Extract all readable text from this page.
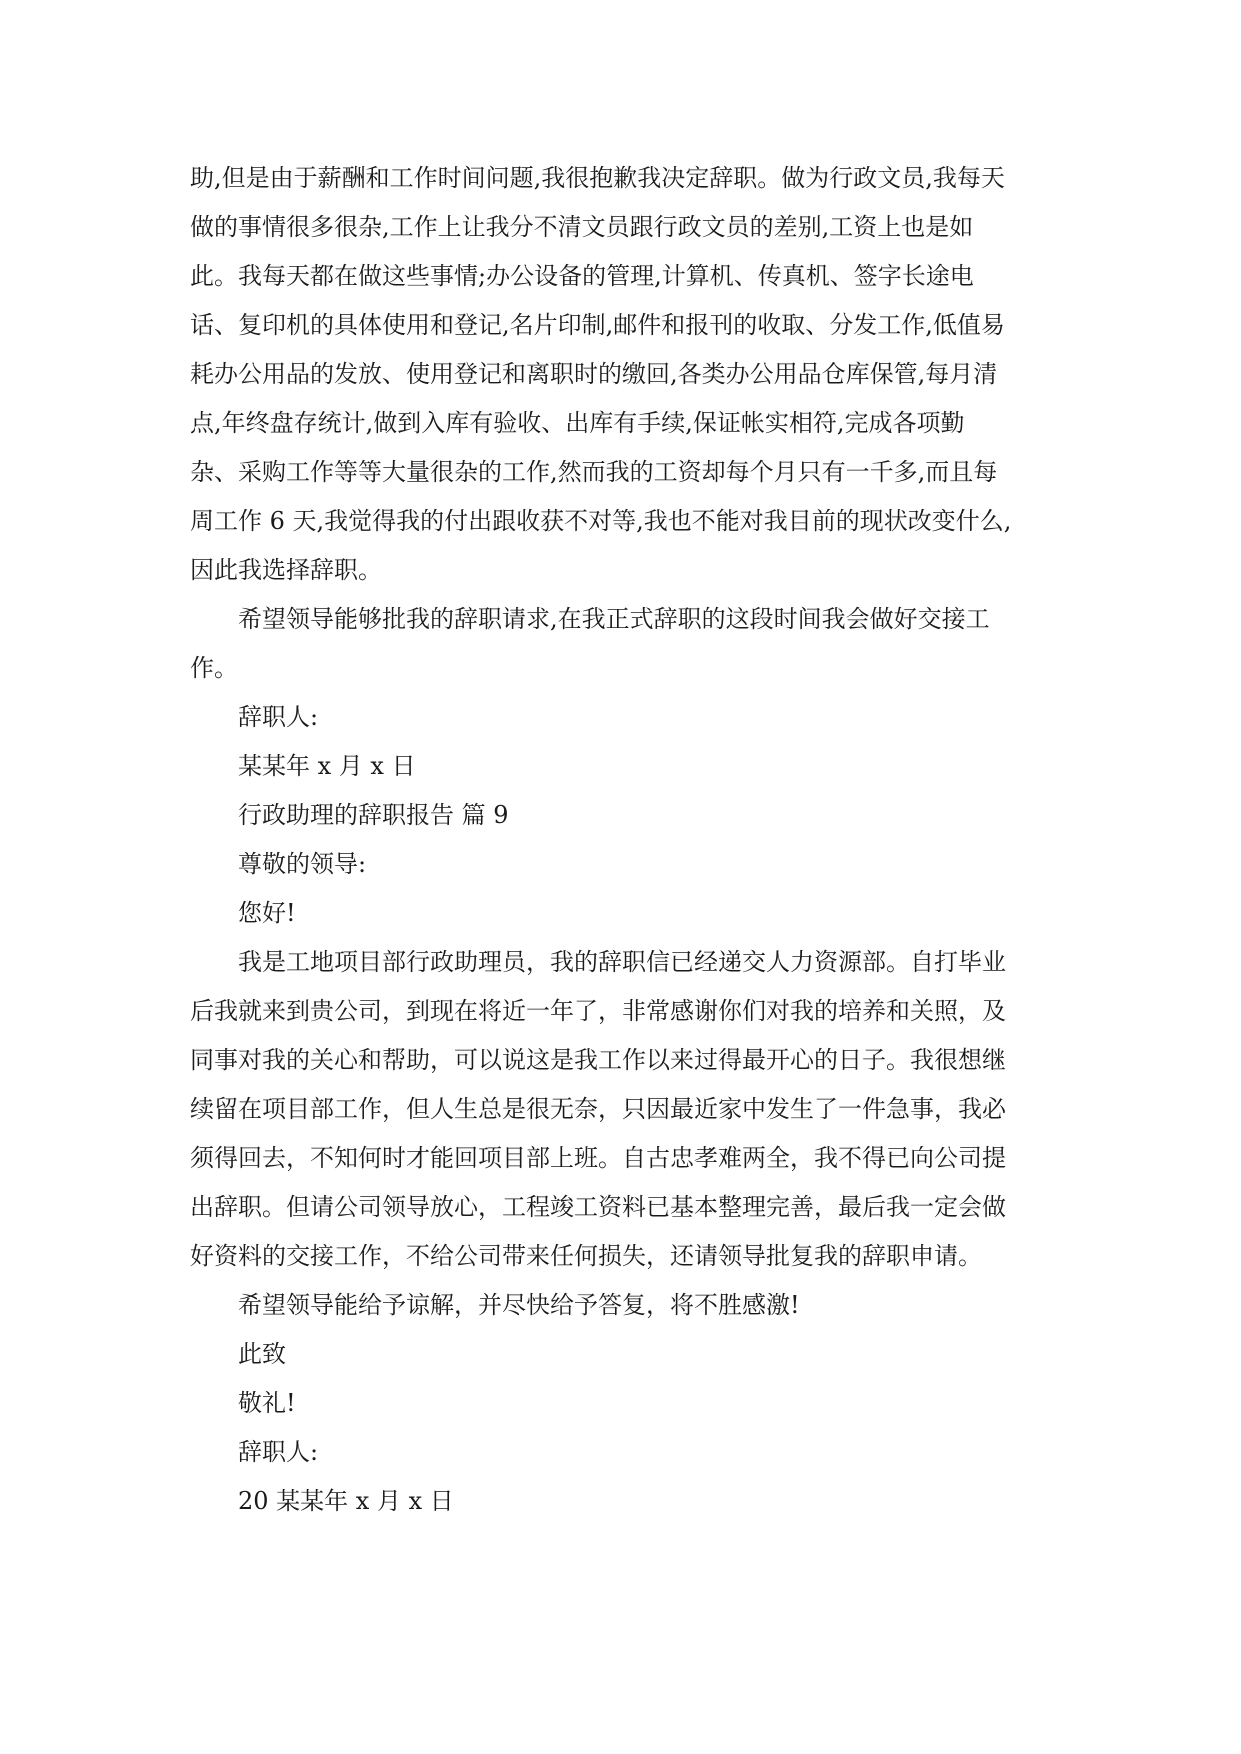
助,但是由于薪酬和工作时间问题,我很抱歉我决定辞职。做为行政文员,我每天
做的事情很多很杂,工作上让我分不清文员跟行政文员的差别,工资上也是如
此。我每天都在做这些事情;办公设备的管理,计算机、传真机、签字长途电
话、复印机的具体使用和登记,名片印制,邮件和报刊的收取、分发工作,低值易
耗办公用品的发放、使用登记和离职时的缴回,各类办公用品仓库保管,每月清
点,年终盘存统计,做到入库有验收、出库有手续,保证帐实相符,完成各项勤
杂、采购工作等等大量很杂的工作,然而我的工资却每个月只有一千多,而且每
周工作 6 天,我觉得我的付出跟收获不对等,我也不能对我目前的现状改变什么,
因此我选择辞职。
希望领导能够批我的辞职请求,在我正式辞职的这段时间我会做好交接工
作。
辞职人:
某某年 x 月 x 日
行政助理的辞职报告 篇 9
尊敬的领导:
您好!
我是工地项目部行政助理员，我的辞职信已经递交人力资源部。自打毕业
后我就来到贵公司，到现在将近一年了，非常感谢你们对我的培养和关照，及
同事对我的关心和帮助，可以说这是我工作以来过得最开心的日子。我很想继
续留在项目部工作，但人生总是很无奈，只因最近家中发生了一件急事，我必
须得回去，不知何时才能回项目部上班。自古忠孝难两全，我不得已向公司提
出辞职。但请公司领导放心，工程竣工资料已基本整理完善，最后我一定会做
好资料的交接工作，不给公司带来任何损失，还请领导批复我的辞职申请。
希望领导能给予谅解，并尽快给予答复，将不胜感激!
此致
敬礼!
辞职人:
20 某某年 x 月 x 日
